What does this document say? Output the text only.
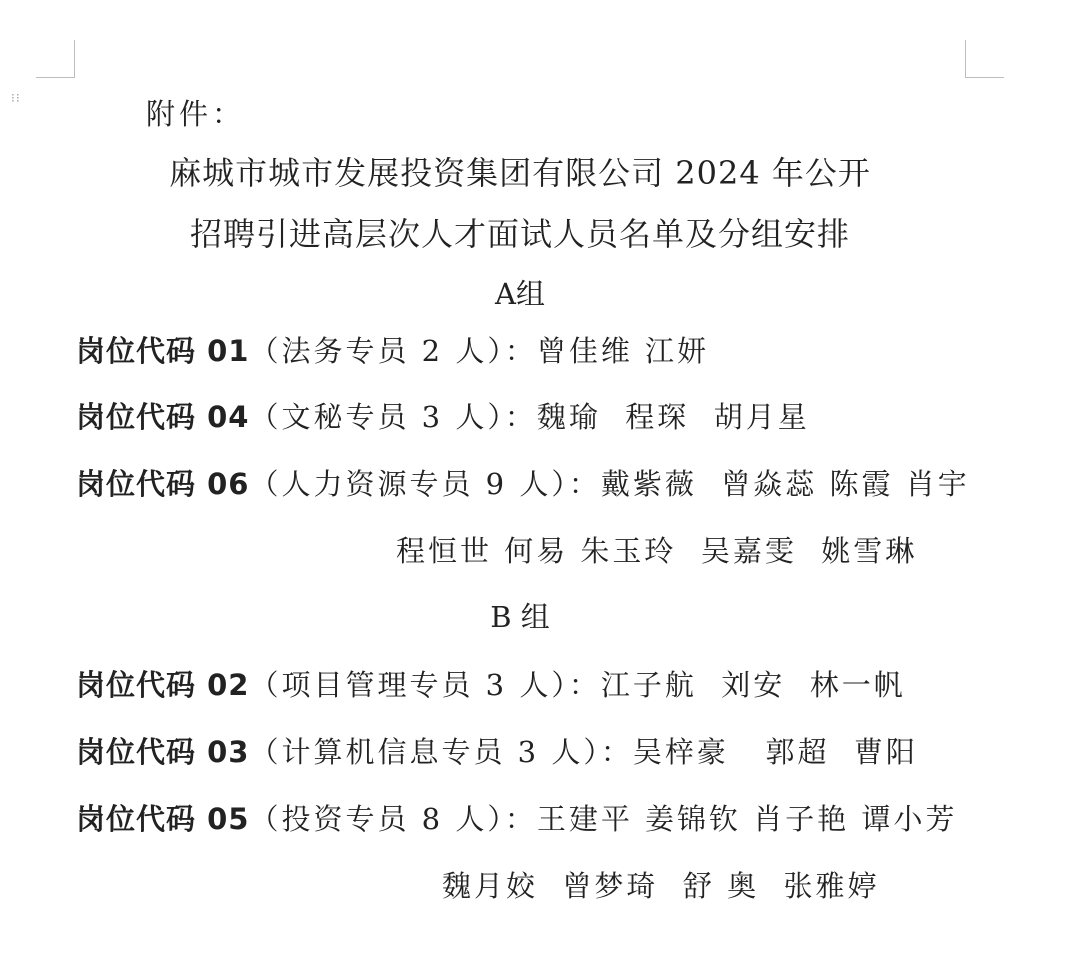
⁝⁝	附件：
麻城市城市发展投资集团有限公司 2024 年公开
招聘引进高层次人才面试人员名单及分组安排
A组
岗位代码 01（法务专员 2 人）：曾佳维 江妍
岗位代码 04（文秘专员 3 人）：魏瑜  程琛  胡月星
岗位代码 06（人力资源专员 9 人）：戴紫薇  曾焱蕊 陈霞 肖宇
程恒世 何易 朱玉玲  吴嘉雯  姚雪琳
B 组
岗位代码 02（项目管理专员 3 人）：江子航  刘安  林一帆
岗位代码 03（计算机信息专员 3 人）：吴梓豪   郭超  曹阳
岗位代码 05（投资专员 8 人）：王建平 姜锦钦 肖子艳 谭小芳
魏月姣  曾梦琦  舒 奥  张雅婷
